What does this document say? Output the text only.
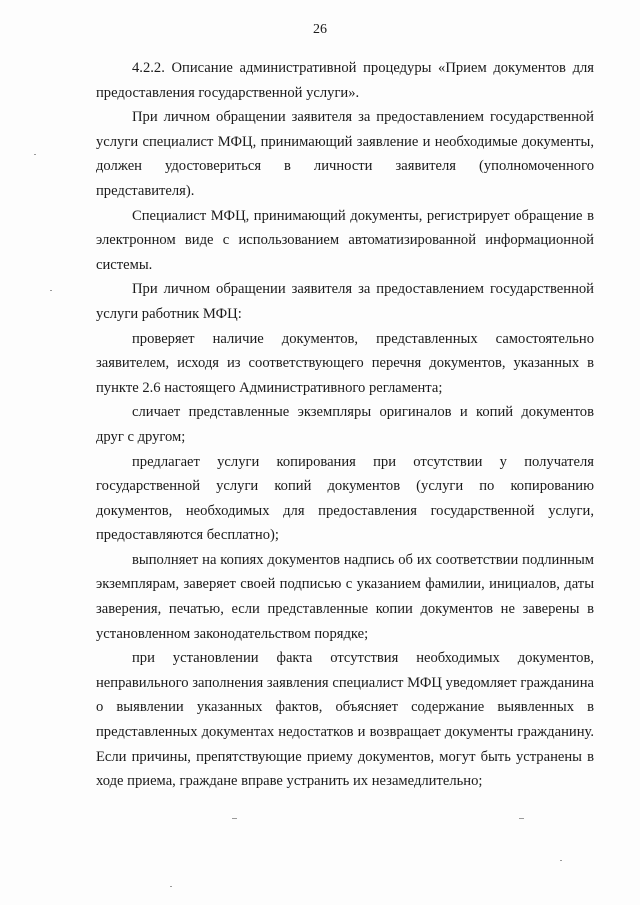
26

4.2.2. Описание административной процедуры «Прием документов для предоставления государственной услуги».

При личном обращении заявителя за предоставлением государственной услуги специалист МФЦ, принимающий заявление и необходимые документы, должен удостовериться в личности заявителя (уполномоченного представителя).

Специалист МФЦ, принимающий документы, регистрирует обращение в электронном виде с использованием автоматизированной информационной системы.

При личном обращении заявителя за предоставлением государственной услуги работник МФЦ:

проверяет наличие документов, представленных самостоятельно заявителем, исходя из соответствующего перечня документов, указанных в пункте 2.6 настоящего Административного регламента;

сличает представленные экземпляры оригиналов и копий документов друг с другом;

предлагает услуги копирования при отсутствии у получателя государственной услуги копий документов (услуги по копированию документов, необходимых для предоставления государственной услуги, предоставляются бесплатно);

выполняет на копиях документов надпись об их соответствии подлинным экземплярам, заверяет своей подписью с указанием фамилии, инициалов, даты заверения, печатью, если представленные копии документов не заверены в установленном законодательством порядке;

при установлении факта отсутствия необходимых документов, неправильного заполнения заявления специалист МФЦ уведомляет гражданина о выявлении указанных фактов, объясняет содержание выявленных в представленных документах недостатков и возвращает документы гражданину. Если причины, препятствующие приему документов, могут быть устранены в ходе приема, граждане вправе устранить их незамедлительно;
